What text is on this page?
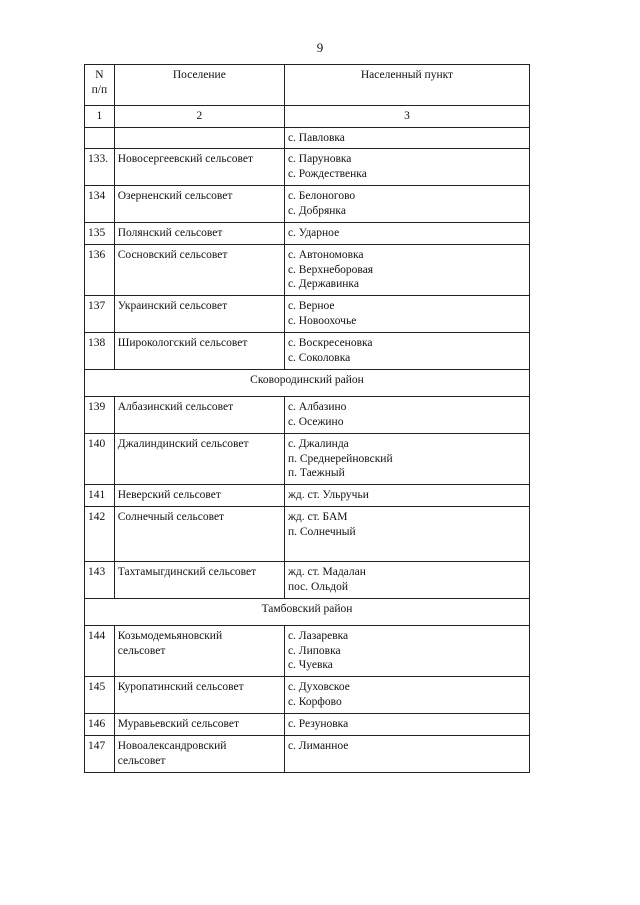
9
N
п/п	Поселение	Населенный пункт
1	2	3

		с. Павловка

133.	Новосергеевский сельсовет	с. Паруновка
с. Рождественка

134	Озерненский сельсовет	с. Белоногово
с. Добрянка

135	Полянский сельсовет	с. Ударное

136	Сосновский сельсовет	с. Автономовка
с. Верхнеборовая
с. Державинка

137	Украинский сельсовет	с. Верное
с. Новоохочье

138	Широкологский сельсовет	с. Воскресеновка
с. Соколовка

Сковородинский район		
139	Албазинский сельсовет	с. Албазино
с. Осежино

140	Джалиндинский сельсовет	с. Джалинда
п. Среднерейновский
п. Таежный

141	Неверский сельсовет	жд. ст. Ульручьи

142	Солнечный сельсовет	жд. ст. БАМ
п. Солнечный

143	Тахтамыгдинский сельсовет	жд. ст. Мадалан
пос. Ольдой

Тамбовский район		
144	Козьмодемьяновский
сельсовет	с. Лазаревка
с. Липовка
с. Чуевка

145	Куропатинский сельсовет	с. Духовское
с. Корфово

146	Муравьевский сельсовет	с. Резуновка

147	Новоалександровский
сельсовет	с. Лиманное
